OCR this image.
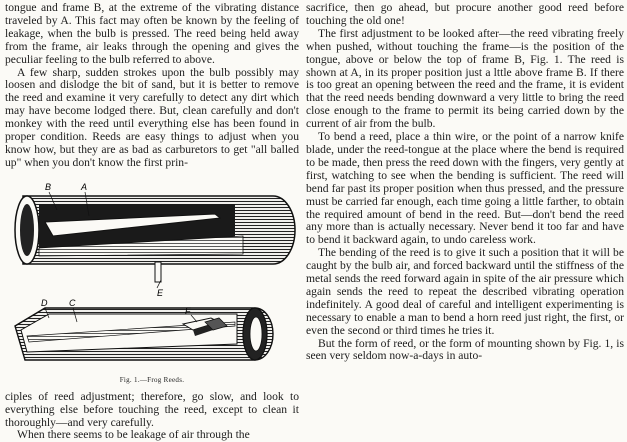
tongue and frame B, at the extreme of the vibrating distance traveled by A. This fact may often be known by the feeling of leakage, when the bulb is pressed. The reed being held away from the frame, air leaks through the opening and gives the peculiar feeling to the bulb referred to above.

A few sharp, sudden strokes upon the bulb possibly may loosen and dislodge the bit of sand, but it is better to remove the reed and examine it very carefully to detect any dirt which may have become lodged there. But, clean carefully and don't monkey with the reed until everything else has been found in proper condition. Reeds are easy things to adjust when you know how, but they are as bad as carburetors to get "all balled up" when you don't know the first prin-

B	A
E
D C
F
Fig. 1.—Frog Reeds.

ciples of reed adjustment; therefore, go slow, and look to everything else before touching the reed, except to clean it thoroughly—and very carefully.

When there seems to be leakage of air through the

sacrifice, then go ahead, but procure another good reed before touching the old one!

The first adjustment to be looked after—the reed vibrating freely when pushed, without touching the frame—is the position of the tongue, above or below the top of frame B, Fig. 1. The reed is shown at A, in its proper position just a lttle above frame B. If there is too great an opening between the reed and the frame, it is evident that the reed needs bending downward a very little to bring the reed close enough to the frame to permit its being carried down by the current of air from the bulb.

To bend a reed, place a thin wire, or the point of a narrow knife blade, under the reed-tongue at the place where the bend is required to be made, then press the reed down with the fingers, very gently at first, watching to see when the bending is sufficient. The reed will bend far past its proper position when thus pressed, and the pressure must be carried far enough, each time going a little farther, to obtain the required amount of bend in the reed. But—don't bend the reed any more than is actually necessary. Never bend it too far and have to bend it backward again, to undo careless work.

The bending of the reed is to give it such a position that it will be caught by the bulb air, and forced backward until the stiffness of the metal sends the reed forward again in spite of the air pressure which again sends the reed to repeat the described vibrating operation indefinitely. A good deal of careful and intelligent experimenting is necessary to enable a man to bend a horn reed just right, the first, or even the second or third times he tries it.

But the form of reed, or the form of mounting shown by Fig. 1, is seen very seldom now-a-days in auto-
